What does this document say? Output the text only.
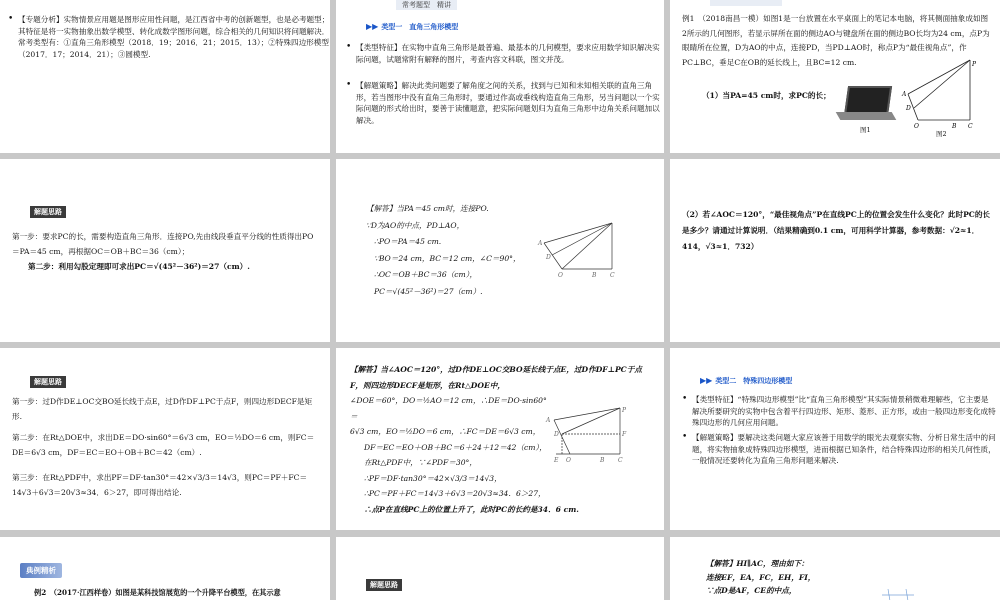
• 【专题分析】实物情景应用题是图形应用性问题，是江西省中考的创新题型，也是必考题型；其特征是将一实物抽象出数学模型、转化成数学图形问题，综合相关的几何知识将问题解决．常考类型有：①直角三角形模型（2018．19；2016．21；2015．13）；②特殊四边形模型（2017．17；2014．21）；③圆模型.
常考题型　精讲
▶▶ 类型一　直角三角形模型
• 【类型特征】在实物中直角三角形是最普遍、最基本的几何模型，要求应用数学知识解决实际问题，试题常附有解释的图片，考查内容文科联，图文并茂。
• 【解题策略】解决此类问题要了解角度之间的关系，找到与已知和未知相关联的直角三角形，若当图形中没有直角三角形时，要通过作高或垂线构造直角三角形，另当问题以一个实际问题的形式给出时，要善于读懂题意，把实际问题划归为直角三角形中边角关系问题加以解决。
例1　（2018南昌一模）如图1是一台放置在水平桌面上的笔记本电脑，将其侧面抽象成如图2所示的几何图形，若显示屏所在面的侧边AO与键盘所在面的侧边BO长均为24 cm，点P为眼睛所在位置，D为AO的中点，连接PD，当PD⊥AO时，称点P为“最佳视角点”，作PC⊥BC，垂足C在OB的延长线上，且BC=12 cm.
（1）当PA=45 cm时，求PC的长；
图1
P
A
D
O	B C
图2
解题思路
第一步：要求PC的长，需要构造直角三角形．连接PO,先由线段垂直平分线的性质得出PO＝PA＝45 cm，再根据OC＝OB＋BC＝36（cm）；
第二步：利用勾股定理即可求出PC＝√(45²－36²)＝27（cm）.
【解答】当PA＝45 cm时，连接PO.
∵D为AO的中点，PD⊥AO，
∴PO＝PA＝45 cm.
∵BO＝24 cm，BC＝12 cm，∠C＝90°，
∴OC＝OB＋BC＝36（cm），
PC＝√(45²－36²)＝27（cm）.
A
D
O	B C
（2）若∠AOC＝120°，“最佳视角点”P在直线PC上的位置会发生什么变化？此时PC的长是多少？请通过计算说明．（结果精确到0.1 cm，可用科学计算器，参考数据：√2≈1．414，√3≈1．732）
解题思路
第一步：过D作DE⊥OC交BO延长线于点E，过D作DF⊥PC于点F，则四边形DECF是矩形.
第二步：在Rt△DOE中，求出DE＝DO·sin60°＝6√3 cm，EO＝½DO＝6 cm，则FC＝DE＝6√3 cm，DF＝EC＝EO＋OB＋BC＝42（cm）.
第三步：在Rt△PDF中，求出PF＝DF·tan30°＝42×√3/3＝14√3，则PC＝PF＋FC＝14√3＋6√3＝20√3≈34．6＞27，即可得出结论.
【解答】当∠AOC＝120°，过D作DE⊥OC交BO延长线于点E，过D作DF⊥PC于点F，则四边形DECF是矩形，在Rt△DOE中，
∠DOE＝60°，DO＝½AO＝12 cm，∴DE＝DO·sin60°＝
6√3 cm，EO＝½DO＝6 cm，∴FC＝DE＝6√3 cm，
DF＝EC＝EO＋OB＋BC＝6＋24＋12＝42（cm），
在Rt△PDF中，∵∠PDF＝30°，
∴PF＝DF·tan30°＝42×√3/3＝14√3，
∴PC＝PF＋FC＝14√3＋6√3＝20√3≈34．6＞27，
∴点P在直线PC上的位置上升了，此时PC的长约是34．6 cm.
A
D
E O	B C
F
P
▶▶ 类型二　特殊四边形模型
• 【类型特征】“特殊四边形模型”比“直角三角形模型”其实际情景稍微难理解些，它主要是解决所要研究的实物中包含着平行四边形、矩形、菱形、正方形，或由一般四边形变化成特殊四边形的几何应用问题。
• 【解题策略】要解决这类问题大家应该善于用数学的眼光去观察实物、分析日常生活中的问题，将实物抽象成特殊四边形模型，进而根据已知条件，结合特殊四边形的相关几何性质，一般情况还要转化为直角三角形问题来解决.
典例精析
例2　（2017·江西样卷）如图是某科技馆展览的一个升降平台模型，在其示意
解题思路
【解答】HI∥AC，理由如下：
连接EF，EA，FC，EH，FI，
∵点D是AF，CE的中点，
